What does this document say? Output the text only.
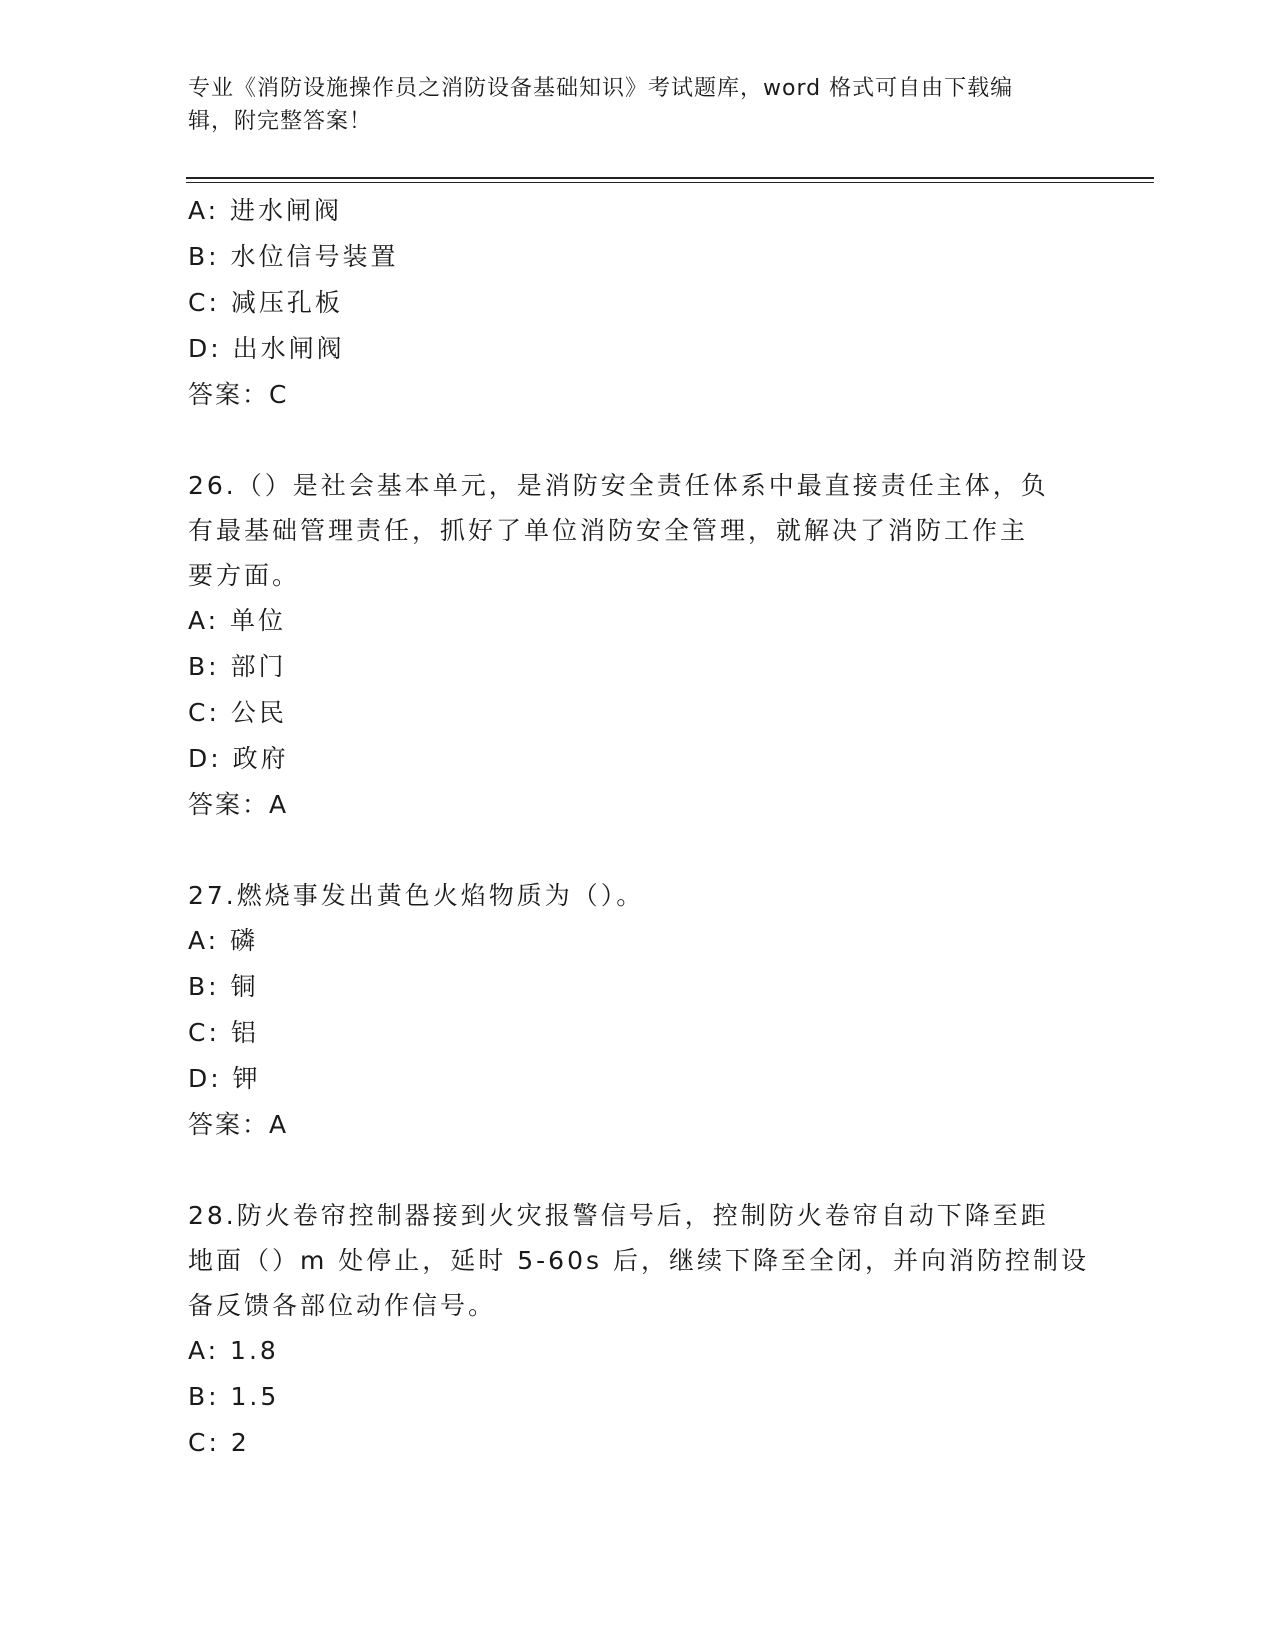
专业《消防设施操作员之消防设备基础知识》考试题库，word 格式可自由下载编
辑，附完整答案！
A: 进水闸阀
B: 水位信号装置
C: 减压孔板
D: 出水闸阀
答案：C
26.（）是社会基本单元，是消防安全责任体系中最直接责任主体，负
有最基础管理责任，抓好了单位消防安全管理，就解决了消防工作主
要方面。
A: 单位
B: 部门
C: 公民
D: 政府
答案：A
27.燃烧事发出黄色火焰物质为（）。
A: 磷
B: 铜
C: 铝
D: 钾
答案：A
28.防火卷帘控制器接到火灾报警信号后，控制防火卷帘自动下降至距
地面（）m 处停止，延时 5-60s 后，继续下降至全闭，并向消防控制设
备反馈各部位动作信号。
A: 1.8
B: 1.5
C: 2
